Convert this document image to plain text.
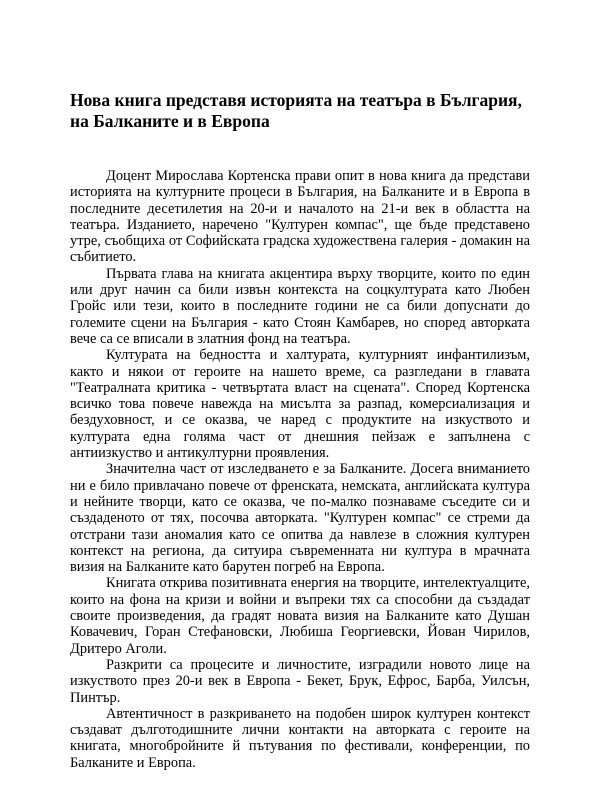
Нова книга представя историята на театъра в България, на Балканите и в Европа

Доцент Мирослава Кортенска прави опит в нова книга да представи историята на културните процеси в България, на Балканите и в Европа в последните десетилетия на 20-и и началото на 21-и век в областта на театъра. Изданието, наречено "Културен компас", ще бъде представено утре, съобщиха от Софийската градска художествена галерия - домакин на събитието.

Първата глава на книгата акцентира върху творците, които по един или друг начин са били извън контекста на соцкултурата като Любен Гройс или тези, които в последните години не са били допуснати до големите сцени на България - като Стоян Камбарев, но според авторката вече са се вписали в златния фонд на театъра.

Културата на бедността и халтурата, културният инфантилизъм, както и някои от героите на нашето време, са разгледани в главата "Театралната критика - четвъртата власт на сцената". Според Кортенска всичко това повече навежда на мисълта за разпад, комерсиализация и бездуховност, и се оказва, че наред с продуктите на изкуството и културата една голяма част от днешния пейзаж е запълнена с антиизкуство и антикултурни проявления.

Значителна част от изследването е за Балканите. Досега вниманието ни е било привлачано повече от френската, немската, английската култура и нейните творци, като се оказва, че по-малко познаваме съседите си и създаденото от тях, посочва авторката. "Културен компас" се стреми да отстрани тази аномалия като се опитва да навлезе в сложния културен контекст на региона, да ситуира съвременната ни култура в мрачната визия на Балканите като барутен погреб на Европа.

Книгата открива позитивната енергия на творците, интелектуалците, които на фона на кризи и войни и въпреки тях са способни да създадат своите произведения, да градят новата визия на Балканите като Душан Ковачевич, Горан Стефановски, Любиша Георгиевски, Йован Чирилов, Дритеро Аголи.

Разкрити са процесите и личностите, изградили новото лице на изкуството през 20-и век в Европа - Бекет, Брук, Ефрос, Барба, Уилсън, Пинтър.

Автентичност в разкриването на подобен широк културен контекст създават дълготодишните лични контакти на авторката с героите на книгата, многобройните й пътувания по фестивали, конференции, по Балканите и Европа.
